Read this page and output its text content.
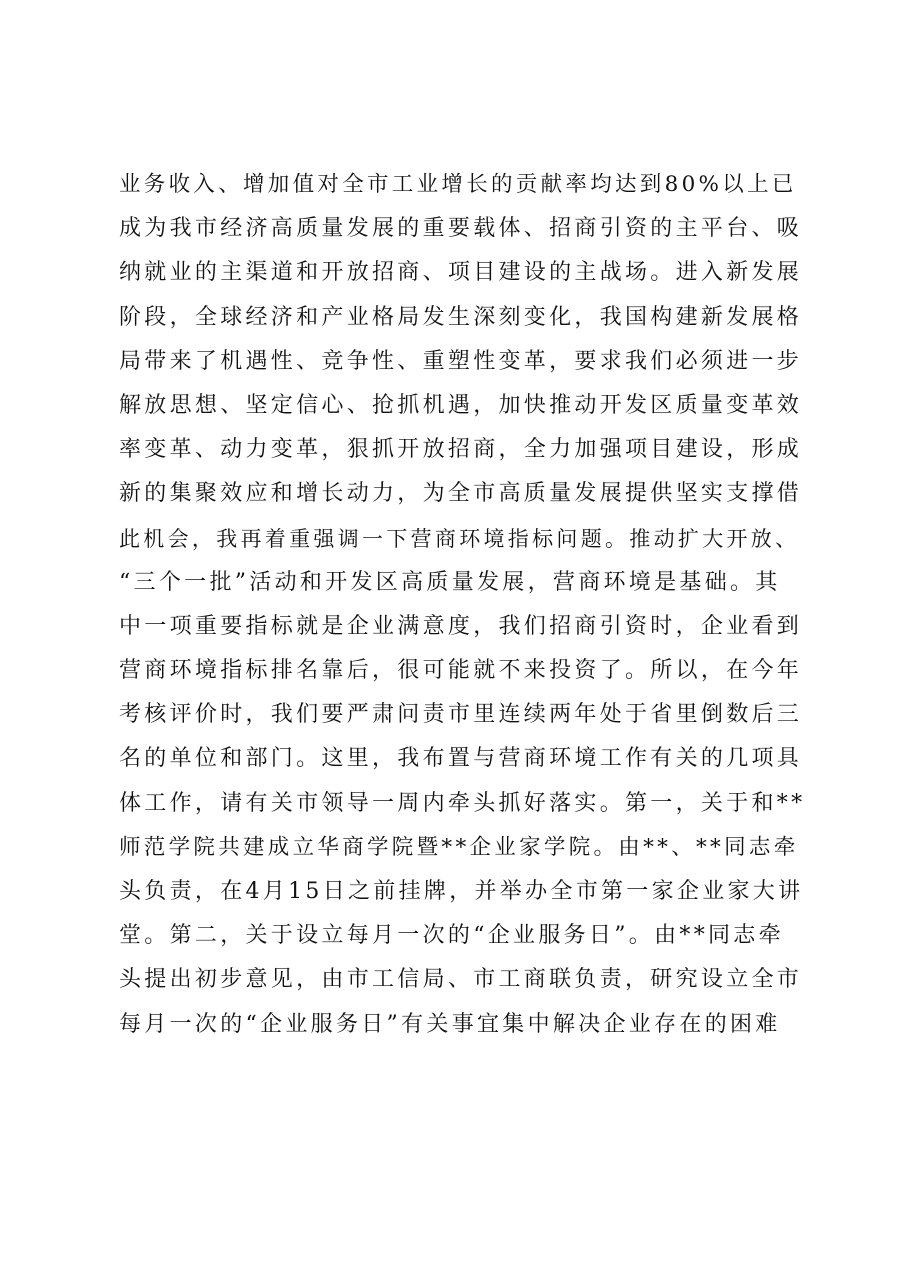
业务收入、增加值对全市工业增长的贡献率均达到80%以上已
成为我市经济高质量发展的重要载体、招商引资的主平台、吸
纳就业的主渠道和开放招商、项目建设的主战场。进入新发展
阶段，全球经济和产业格局发生深刻变化，我国构建新发展格
局带来了机遇性、竞争性、重塑性变革，要求我们必须进一步
解放思想、坚定信心、抢抓机遇，加快推动开发区质量变革效
率变革、动力变革，狠抓开放招商，全力加强项目建设，形成
新的集聚效应和增长动力，为全市高质量发展提供坚实支撑借
此机会，我再着重强调一下营商环境指标问题。推动扩大开放、
“三个一批”活动和开发区高质量发展，营商环境是基础。其
中一项重要指标就是企业满意度，我们招商引资时，企业看到
营商环境指标排名靠后，很可能就不来投资了。所以，在今年
考核评价时，我们要严肃问责市里连续两年处于省里倒数后三
名的单位和部门。这里，我布置与营商环境工作有关的几项具
体工作，请有关市领导一周内牵头抓好落实。第一，关于和**
师范学院共建成立华商学院暨**企业家学院。由**、**同志牵
头负责，在4月15日之前挂牌，并举办全市第一家企业家大讲
堂。第二，关于设立每月一次的“企业服务日”。由**同志牵
头提出初步意见，由市工信局、市工商联负责，研究设立全市
每月一次的“企业服务日”有关事宜集中解决企业存在的困难
